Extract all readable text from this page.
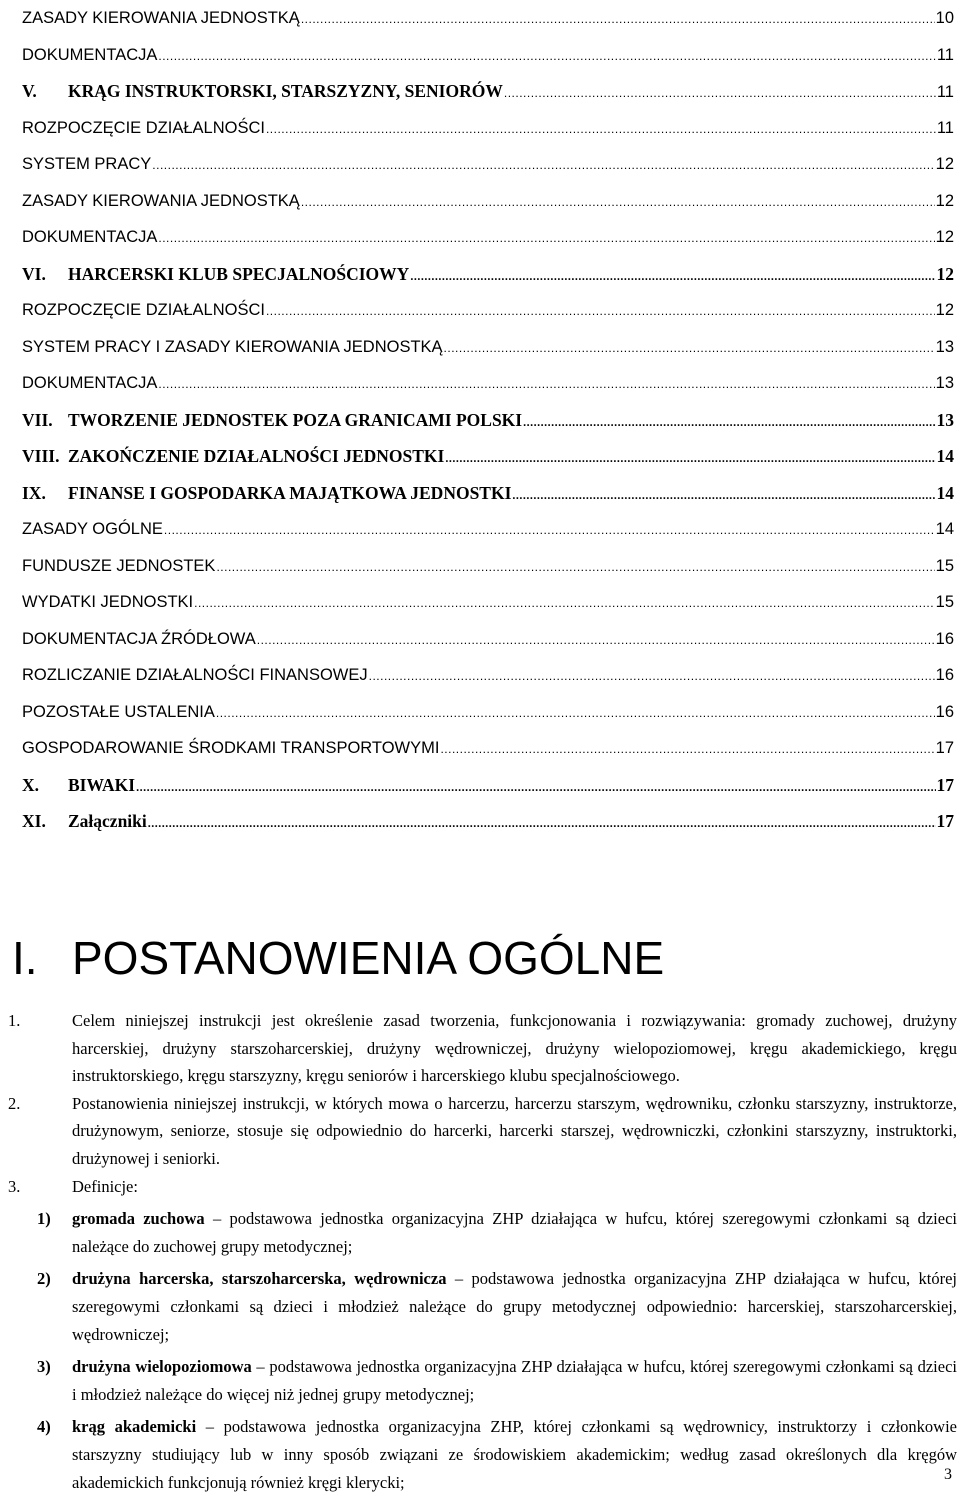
ZASADY KIEROWANIA JEDNOSTKĄ .....	10
DOKUMENTACJA .....	11
V.	KRĄG INSTRUKTORSKI, STARSZYZNY, SENIORÓW .....	11
ROZPOCZĘCIE DZIAŁALNOŚCI .....	11
SYSTEM PRACY .....	12
ZASADY KIEROWANIA JEDNOSTKĄ .....	12
DOKUMENTACJA .....	12
VI.	HARCERSKI KLUB SPECJALNOŚCIOWY .....	12
ROZPOCZĘCIE DZIAŁALNOŚCI .....	12
SYSTEM PRACY I ZASADY KIEROWANIA JEDNOSTKĄ .....	13
DOKUMENTACJA .....	13
VII. TWORZENIE JEDNOSTEK POZA GRANICAMI POLSKI .....	13
VIII. ZAKOŃCZENIE DZIAŁALNOŚCI JEDNOSTKI .....	14
IX.	FINANSE I GOSPODARKA MAJĄTKOWA JEDNOSTKI .....	14
ZASADY OGÓLNE .....	14
FUNDUSZE JEDNOSTEK .....	15
WYDATKI JEDNOSTKI .....	15
DOKUMENTACJA ŹRÓDŁOWA .....	16
ROZLICZANIE DZIAŁALNOŚCI FINANSOWEJ .....	16
POZOSTAŁE USTALENIA .....	16
GOSPODAROWANIE ŚRODKAMI TRANSPORTOWYMI .....	17
X.	BIWAKI .....	17
XI.	Załączniki .....	17
I. POSTANOWIENIA OGÓLNE
1.	Celem niniejszej instrukcji jest określenie zasad tworzenia, funkcjonowania i rozwiązywania: gromady zuchowej, drużyny harcerskiej, drużyny starszoharcerskiej, drużyny wędrowniczej, drużyny wielopoziomowej, kręgu akademickiego, kręgu instruktorskiego, kręgu starszyzny, kręgu seniorów i harcerskiego klubu specjalnościowego.
2.	Postanowienia niniejszej instrukcji, w których mowa o harcerzu, harcerzu starszym, wędrowniku, członku starszyzny, instruktorze, drużynowym, seniorze, stosuje się odpowiednio do harcerki, harcerki starszej, wędrowniczki, członkini starszyzny, instruktorki, drużynowej i seniorki.
3.	Definicje:
1) gromada zuchowa – podstawowa jednostka organizacyjna ZHP działająca w hufcu, której szeregowymi członkami są dzieci należące do zuchowej grupy metodycznej;
2) drużyna harcerska, starszoharcerska, wędrownicza – podstawowa jednostka organizacyjna ZHP działająca w hufcu, której szeregowymi członkami są dzieci i młodzież należące do grupy metodycznej odpowiednio: harcerskiej, starszoharcerskiej, wędrowniczej;
3) drużyna wielopoziomowa – podstawowa jednostka organizacyjna ZHP działająca w hufcu, której szeregowymi członkami są dzieci i młodzież należące do więcej niż jednej grupy metodycznej;
4) krąg akademicki – podstawowa jednostka organizacyjna ZHP, której członkami są wędrownicy, instruktorzy i członkowie starszyzny studiujący lub w inny sposób związani ze środowiskiem akademickim; według zasad określonych dla kręgów akademickich funkcjonują również kręgi klerycki;	3
